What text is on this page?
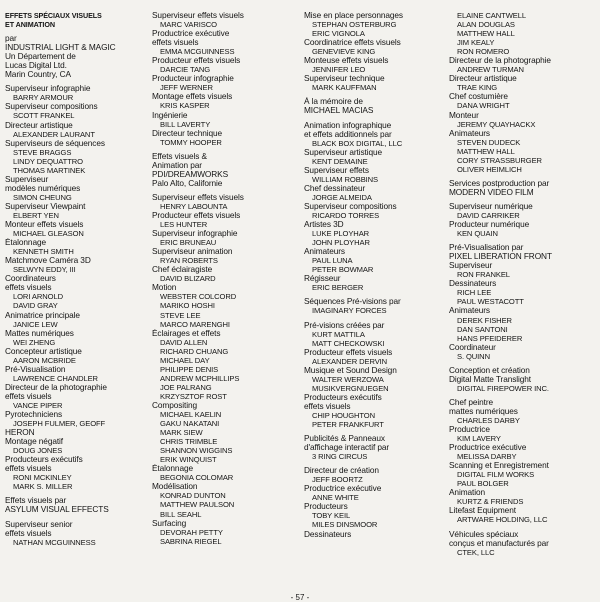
EFFETS SPÉCIAUX VISUELS
ET ANIMATION
par
INDUSTRIAL LIGHT & MAGIC
Un Département de
Lucas Digital Ltd.
Marin Country, CA
Superviseur infographie
BARRY ARMOUR
Superviseur compositions
SCOTT FRANKEL
Directeur artistique
ALEXANDER LAURANT
Superviseurs de séquences
STEVE BRAGGS
LINDY DEQUATTRO
THOMAS MARTINEK
Superviseur
modèles numériques
SIMON CHEUNG
Superviseur Viewpaint
ELBERT YEN
Monteur effets visuels
MICHAEL GLEASON
Étalonnage
KENNETH SMITH
Matchmove Caméra 3D
SELWYN EDDY, III
Coordinateurs
effets visuels
LORI ARNOLD
DAVID GRAY
Animatrice principale
JANICE LEW
Mattes numériques
WEI ZHENG
Concepteur artistique
AARON MCBRIDE
Pré-Visualisation
LAWRENCE CHANDLER
Directeur de la photographie
effets visuels
VANCE PIPER
Pyrotechniciens
JOSEPH FULMER, GEOFF
HERON
Montage négatif
DOUG JONES
Producteurs exécutifs
effets visuels
RONI MCKINLEY
MARK S. MILLER
Effets visuels par
ASYLUM VISUAL EFFECTS
Superviseur senior
effets visuels
NATHAN MCGUINNESS
Superviseur effets visuels
MARC VARISCO
Productrice exécutive
effets visuels
EMMA MCGUINNESS
Producteur effets visuels
DARCIE TANG
Producteur infographie
JEFF WERNER
Montage effets visuels
KRIS KASPER
Ingénierie
BILL LAVERTY
Directeur technique
TOMMY HOOPER
Effets visuels &
Animation par
PDI/DREAMWORKS
Palo Alto, Californie
Superviseur effets visuels
HENRY LABOUNTA
Producteur effets visuels
LES HUNTER
Superviseur infographie
ERIC BRUNEAU
Superviseur animation
RYAN ROBERTS
Chef éclairagiste
DAVID BLIZARD
Motion
WEBSTER COLCORD
MARIKO HOSHI
STEVE LEE
MARCO MARENGHI
Éclairages et effets
DAVID ALLEN
RICHARD CHUANG
MICHAEL DAY
PHILIPPE DENIS
ANDREW MCPHILLIPS
JOE PALRANG
KRZYSZTOF ROST
Compositing
MICHAEL KAELIN
GAKU NAKATANI
MARK SIEW
CHRIS TRIMBLE
SHANNON WIGGINS
ERIK WINQUIST
Étalonnage
BEGONIA COLOMAR
Modélisation
KONRAD DUNTON
MATTHEW PAULSON
BILL SEAHL
Surfacing
DEVORAH PETTY
SABRINA RIEGEL
Mise en place personnages
STEPHAN OSTERBURG
ERIC VIGNOLA
Coordinatrice effets visuels
GENEVIEVE KING
Monteuse effets visuels
JENNIFER LEO
Superviseur technique
MARK KAUFFMAN
À la mémoire de
MICHAEL MACIAS
Animation infographique
et effets additionnels par
BLACK BOX DIGITAL, LLC
Superviseur artistique
KENT DEMAINE
Superviseur effets
WILLIAM ROBBINS
Chef dessinateur
JORGE ALMEIDA
Superviseur compositions
RICARDO TORRES
Artistes 3D
LUKE PLOYHAR
JOHN PLOYHAR
Animateurs
PAUL LUNA
PETER BOWMAR
Régisseur
ERIC BERGER
Séquences Pré-visions par
IMAGINARY FORCES
Pré-visions créées par
KURT MATTILA
MATT CHECKOWSKI
Producteur effets visuels
ALEXANDER DERVIN
Musique et Sound Design
WALTER WERZOWA
MUSIKVERGNUEGEN
Producteurs exécutifs
effets visuels
CHIP HOUGHTON
PETER FRANKFURT
Publicités & Panneaux
d'affichage interactif par
3 RING CIRCUS
Directeur de création
JEFF BOORTZ
Productrice exécutive
ANNE WHITE
Producteurs
TOBY KEIL
MILES DINSMOOR
Dessinateurs
ELAINE CANTWELL
ALAN DOUGLAS
MATTHEW HALL
JIM KEALY
RON ROMERO
Directeur de la photographie
ANDREW TURMAN
Directeur artistique
TRAE KING
Chef costumière
DANA WRIGHT
Monteur
JEREMY QUAYHACKX
Animateurs
STEVEN DUDECK
MATTHEW HALL
CORY STRASSBURGER
OLIVER HEIMLICH
Services postproduction par
MODERN VIDEO FILM
Superviseur numérique
DAVID CARRIKER
Producteur numérique
KEN QUAIN
Pré-Visualisation par
PIXEL LIBERATION FRONT
Superviseur
RON FRANKEL
Dessinateurs
RICH LEE
PAUL WESTACOTT
Animateurs
DEREK FISHER
DAN SANTONI
HANS PFEIDERER
Coordinateur
S. QUINN
Conception et création
Digital Matte Translight
DIGITAL FIREPOWER INC.
Chef peintre
mattes numériques
CHARLES DARBY
Productrice
KIM LAVERY
Productrice exécutive
MELISSA DARBY
Scanning et Enregistrement
DIGITAL FILM WORKS
PAUL BOLGER
Animation
KURTZ & FRIENDS
Litefast Equipment
ARTWARE HOLDING, LLC
Véhicules spéciaux
conçus et manufacturés par
CTEK, LLC
- 57 -
